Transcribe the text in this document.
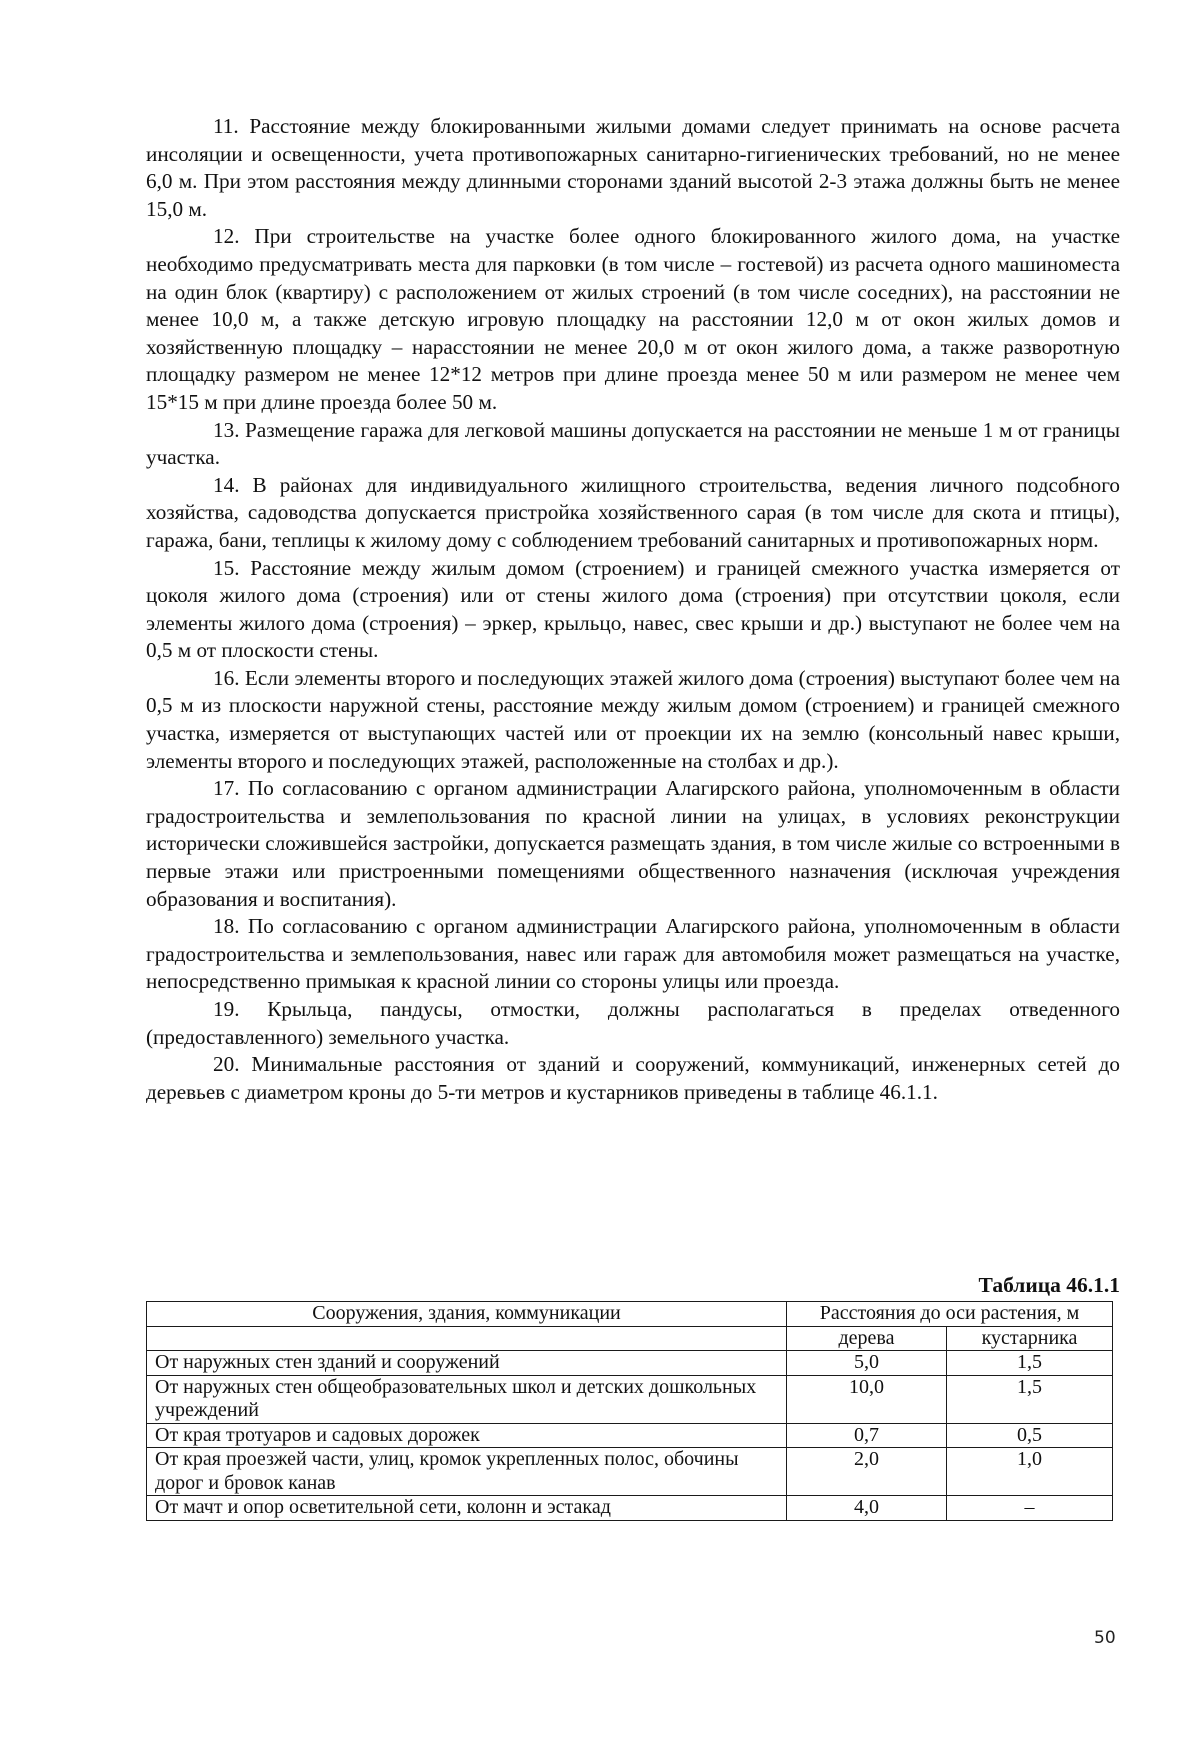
11. Расстояние между блокированными жилыми домами следует принимать на основе расчета инсоляции и освещенности, учета противопожарных санитарно-гигиенических требований, но не менее 6,0 м. При этом расстояния между длинными сторонами зданий высотой 2-3 этажа должны быть не менее 15,0 м.

12. При строительстве на участке более одного блокированного жилого дома, на участке необходимо предусматривать места для парковки (в том числе – гостевой) из расчета одного машиноместа на один блок (квартиру) с расположением от жилых строений (в том числе соседних), на расстоянии не менее 10,0 м, а также детскую игровую площадку на расстоянии 12,0 м от окон жилых домов и хозяйственную площадку – нарасстоянии не менее 20,0 м от окон жилого дома, а также разворотную площадку размером не менее 12*12 метров при длине проезда менее 50 м или размером не менее чем 15*15 м при длине проезда более 50 м.

13. Размещение гаража для легковой машины допускается на расстоянии не меньше 1 м от границы участка.

14. В районах для индивидуального жилищного строительства, ведения личного подсобного хозяйства, садоводства допускается пристройка хозяйственного сарая (в том числе для скота и птицы), гаража, бани, теплицы к жилому дому с соблюдением требований санитарных и противопожарных норм.

15. Расстояние между жилым домом (строением) и границей смежного участка измеряется от цоколя жилого дома (строения) или от стены жилого дома (строения) при отсутствии цоколя, если элементы жилого дома (строения) – эркер, крыльцо, навес, свес крыши и др.) выступают не более чем на 0,5 м от плоскости стены.

16. Если элементы второго и последующих этажей жилого дома (строения) выступают более чем на 0,5 м из плоскости наружной стены, расстояние между жилым домом (строением) и границей смежного участка, измеряется от выступающих частей или от проекции их на землю (консольный навес крыши, элементы второго и последующих этажей, расположенные на столбах и др.).

17. По согласованию с органом администрации Алагирского района, уполномоченным в области градостроительства и землепользования по красной линии на улицах, в условиях реконструкции исторически сложившейся застройки, допускается размещать здания, в том числе жилые со встроенными в первые этажи или пристроенными помещениями общественного назначения (исключая учреждения образования и воспитания).

18. По согласованию с органом администрации Алагирского района, уполномоченным в области градостроительства и землепользования, навес или гараж для автомобиля может размещаться на участке, непосредственно примыкая к красной линии со стороны улицы или проезда.

19. Крыльца, пандусы, отмостки, должны располагаться в пределах отведенного (предоставленного) земельного участка.

20. Минимальные расстояния от зданий и сооружений, коммуникаций, инженерных сетей до деревьев с диаметром кроны до 5-ти метров и кустарников приведены в таблице 46.1.1.

Таблица 46.1.1
Сооружения, здания, коммуникации	Расстояния до оси растения, м	
	дерева	кустарника
От наружных стен зданий и сооружений	5,0	1,5
От наружных стен общеобразовательных школ и детских дошкольных учреждений	10,0	1,5
От края тротуаров и садовых дорожек	0,7	0,5
От края проезжей части, улиц, кромок укрепленных полос, обочины дорог и бровок канав	2,0	1,0
От мачт и опор осветительной сети, колонн и эстакад	4,0	–
50
